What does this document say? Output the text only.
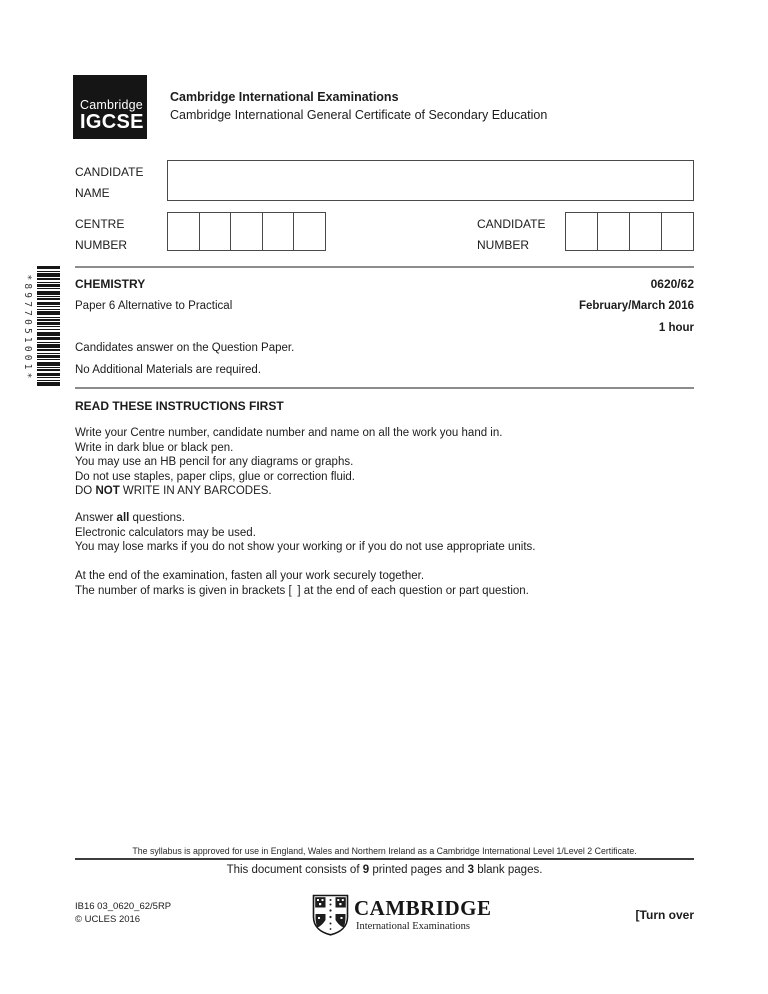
Cambridge
IGCSE
Cambridge International Examinations
Cambridge International General Certificate of Secondary Education
CANDIDATE NAME
CENTRE NUMBER
CANDIDATE NUMBER
*8977051001*	CHEMISTRY	0620/62
Paper 6 Alternative to Practical	February/March 2016
1 hour
Candidates answer on the Question Paper.
No Additional Materials are required.
READ THESE INSTRUCTIONS FIRST
Write your Centre number, candidate number and name on all the work you hand in.
Write in dark blue or black pen.
You may use an HB pencil for any diagrams or graphs.
Do not use staples, paper clips, glue or correction fluid.
DO NOT WRITE IN ANY BARCODES.
Answer all questions.
Electronic calculators may be used.
You may lose marks if you do not show your working or if you do not use appropriate units.
At the end of the examination, fasten all your work securely together.
The number of marks is given in brackets [ ] at the end of each question or part question.
The syllabus is approved for use in England, Wales and Northern Ireland as a Cambridge International Level 1/Level 2 Certificate.
This document consists of 9 printed pages and 3 blank pages.
CAMBRIDGE
International Examinations
IB16 03_0620_62/5RP
© UCLES 2016	[Turn over
